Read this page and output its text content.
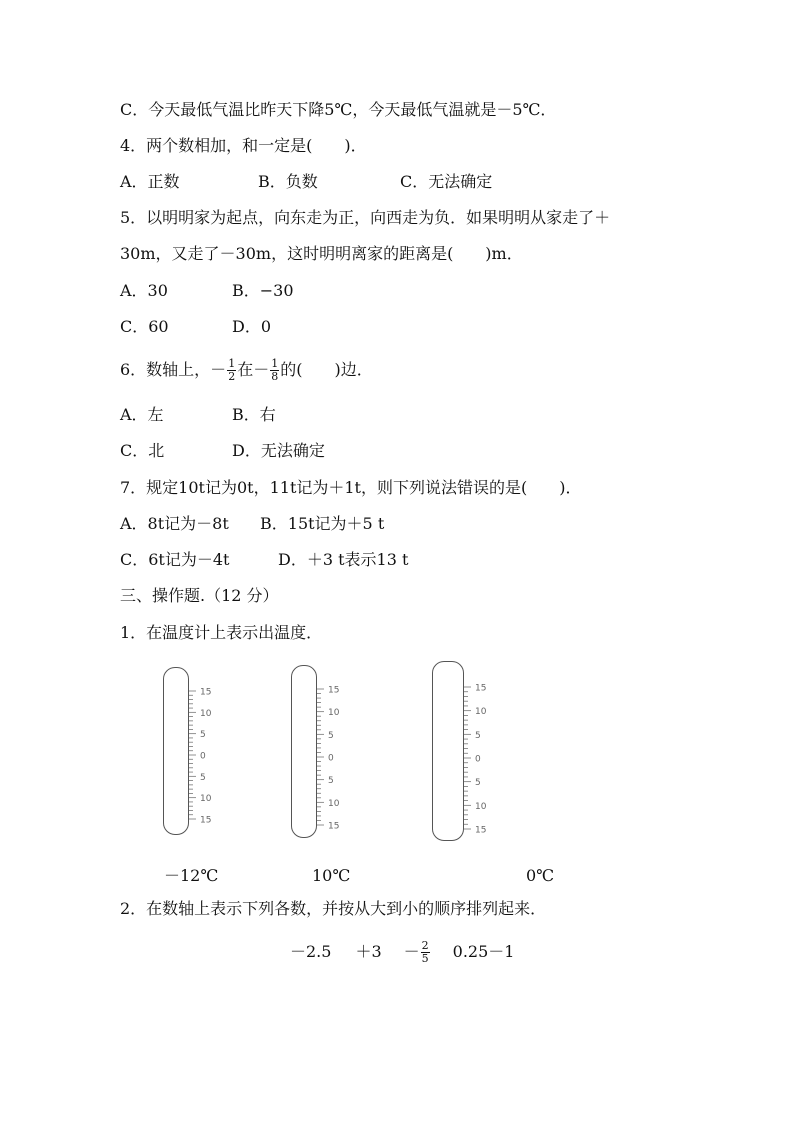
C．今天最低气温比昨天下降5℃，今天最低气温就是－5℃．
4．两个数相加，和一定是(　　)．
A．正数	B．负数	C．无法确定
5．以明明家为起点，向东走为正，向西走为负．如果明明从家走了＋
30m，又走了－30m，这时明明离家的距离是(　　)m．
A．30	B．−30
C．60	D．0
6．数轴上，－ $\frac{1}{2}$ 在－ $\frac{1}{8}$ 的(　　)边．
A．左	B．右
C．北	D．无法确定
7．规定10t记为0t，11t记为＋1t，则下列说法错误的是(　　)．
A．8t记为－8t B．15t记为＋5 t
C．6t记为－4t	D．＋3 t表示13 t
三、操作题.（12 分）
1．在温度计上表示出温度．
15
10
5
0
5
10
15
－12℃
15
10
5
0
5
10
15
10℃
15
10
5
0
5
10
15
0℃
2．在数轴上表示下列各数，并按从大到小的顺序排列起来．
$-2.5 +3 - \frac{2}{5} 0.25-1$
